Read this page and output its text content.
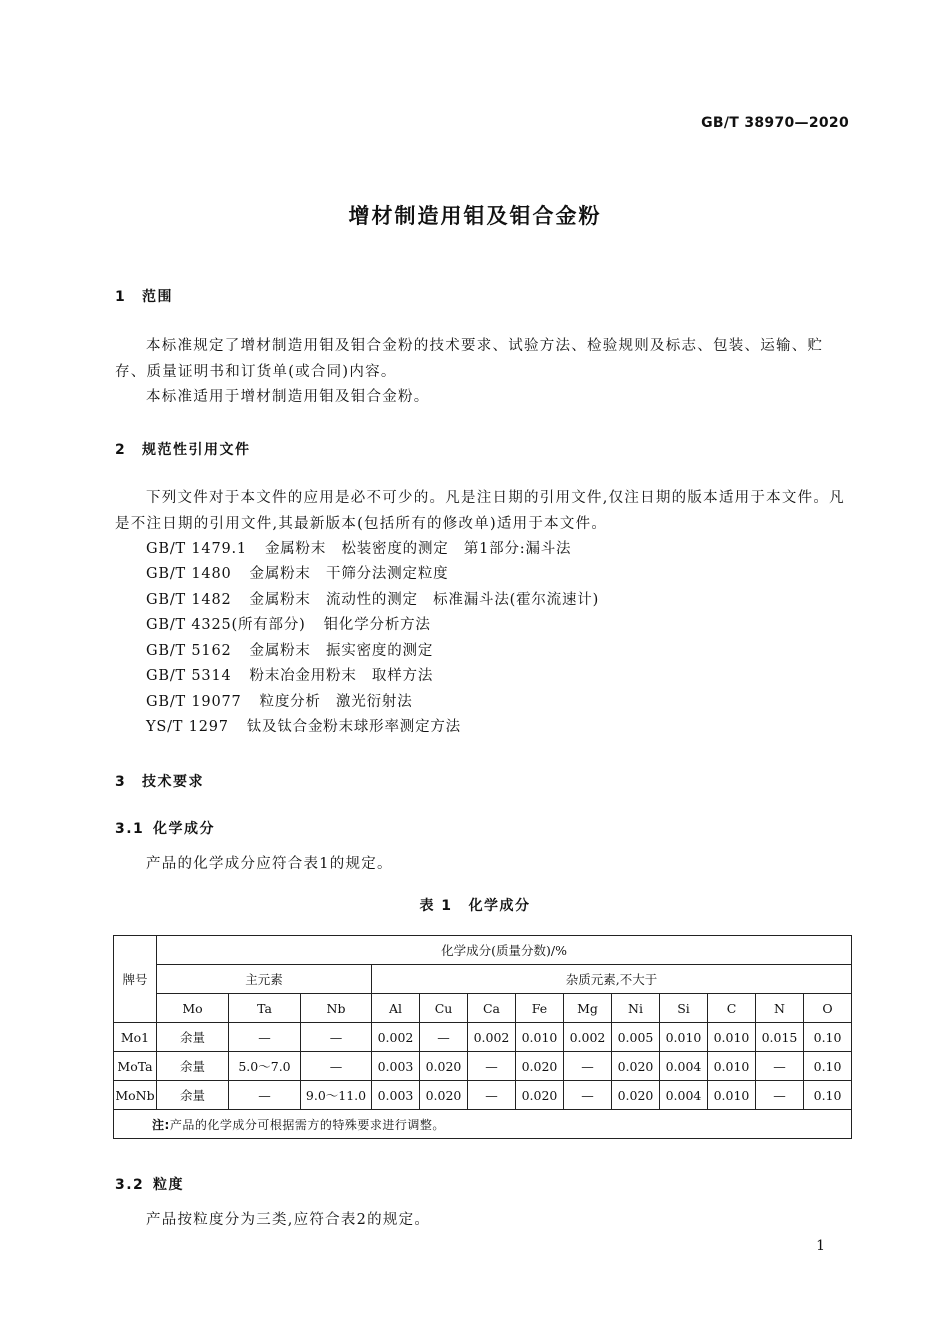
GB/T 38970—2020
增材制造用钼及钼合金粉
1 范围
本标准规定了增材制造用钼及钼合金粉的技术要求、试验方法、检验规则及标志、包装、运输、贮存、质量证明书和订货单(或合同)内容。
本标准适用于增材制造用钼及钼合金粉。
2 规范性引用文件
下列文件对于本文件的应用是必不可少的。凡是注日期的引用文件,仅注日期的版本适用于本文件。凡是不注日期的引用文件,其最新版本(包括所有的修改单)适用于本文件。
GB/T 1479.1 金属粉末　松装密度的测定　第1部分:漏斗法
GB/T 1480 金属粉末　干筛分法测定粒度
GB/T 1482 金属粉末　流动性的测定　标准漏斗法(霍尔流速计)
GB/T 4325(所有部分) 钼化学分析方法
GB/T 5162 金属粉末　振实密度的测定
GB/T 5314 粉末冶金用粉末　取样方法
GB/T 19077 粒度分析　激光衍射法
YS/T 1297 钛及钛合金粉末球形率测定方法
3 技术要求
3.1 化学成分
产品的化学成分应符合表1的规定。
表 1 化学成分
牌号	化学成分(质量分数)/%												
	主元素			杂质元素,不大于									
	Mo	Ta	Nb	Al	Cu	Ca	Fe	Mg	Ni	Si	C	N	O
Mo1	余量	—	—	0.002	—	0.002	0.010	0.002	0.005	0.010	0.010	0.015	0.10
MoTa	余量	5.0～7.0	—	0.003	0.020	—	0.020	—	0.020	0.004	0.010	—	0.10
MoNb	余量	—	9.0～11.0	0.003	0.020	—	0.020	—	0.020	0.004	0.010	—	0.10
注:产品的化学成分可根据需方的特殊要求进行调整。													
3.2 粒度
产品按粒度分为三类,应符合表2的规定。
1
